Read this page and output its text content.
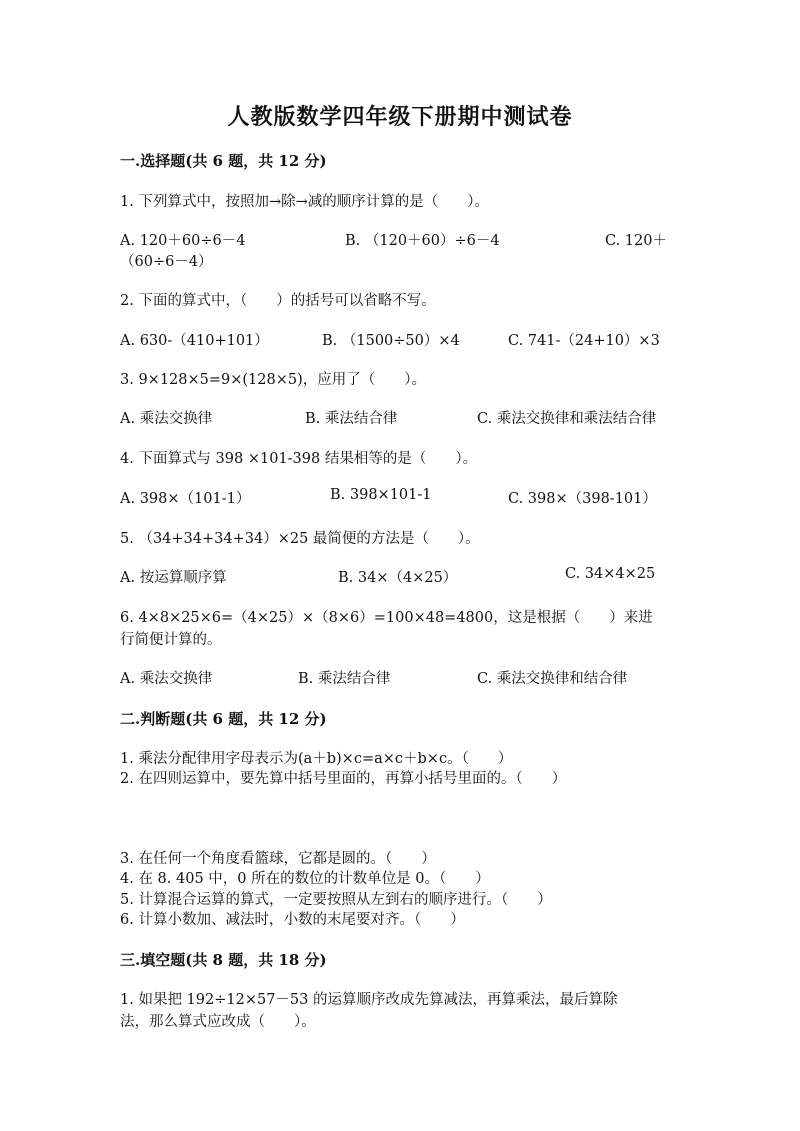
人教版数学四年级下册期中测试卷
一.选择题(共 6 题，共 12 分)
1. 下列算式中，按照加→除→减的顺序计算的是（　　）。
A. 120＋60÷6－4	B. （120＋60）÷6－4	C. 120＋
（60÷6－4）
2. 下面的算式中，（　　）的括号可以省略不写。
A. 630-（410+101）	B. （1500÷50）×4	C. 741-（24+10）×3
3. 9×128×5=9×(128×5)，应用了（　　）。
A. 乘法交换律	B. 乘法结合律	C. 乘法交换律和乘法结合律
4. 下面算式与 398 ×101-398 结果相等的是（　　）。
A. 398×（101-1）	B. 398×101-1	C. 398×（398-101）
5. （34+34+34+34）×25 最简便的方法是（　　）。
A. 按运算顺序算	B. 34×（4×25）	C. 34×4×25
6. 4×8×25×6=（4×25）×（8×6）=100×48=4800，这是根据（　　）来进
行简便计算的。
A. 乘法交换律	B. 乘法结合律	C. 乘法交换律和结合律
二.判断题(共 6 题，共 12 分)
1. 乘法分配律用字母表示为(a＋b)×c=a×c＋b×c。（　　）
2. 在四则运算中，要先算中括号里面的，再算小括号里面的。（　　）
3. 在任何一个角度看篮球，它都是圆的。（　　）
4. 在 8. 405 中，0 所在的数位的计数单位是 0。（　　）
5. 计算混合运算的算式，一定要按照从左到右的顺序进行。（　　）
6. 计算小数加、减法时，小数的末尾要对齐。（　　）
三.填空题(共 8 题，共 18 分)
1. 如果把 192÷12×57－53 的运算顺序改成先算减法，再算乘法，最后算除
法，那么算式应改成（　　）。
